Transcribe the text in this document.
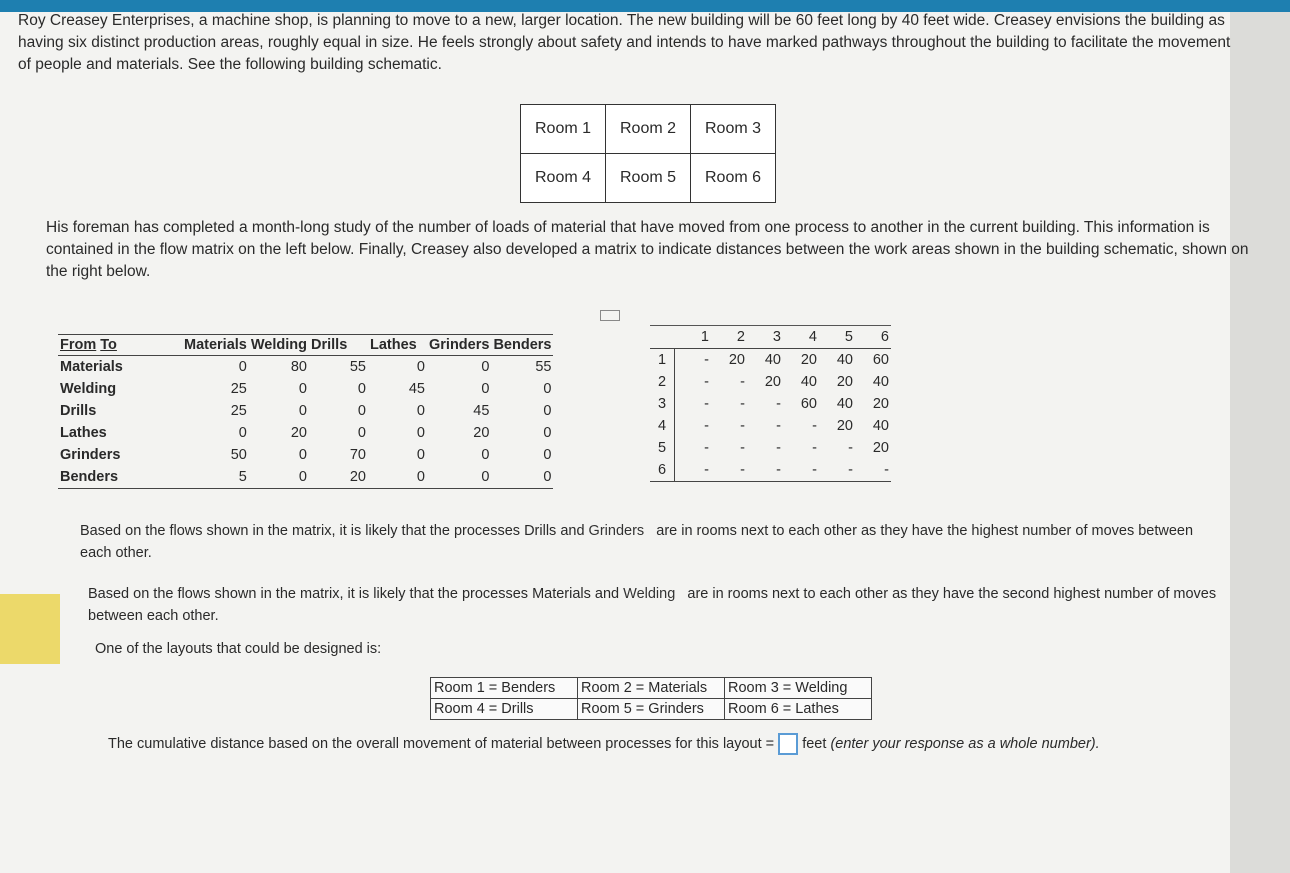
Roy Creasey Enterprises, a machine shop, is planning to move to a new, larger location. The new building will be 60 feet long by 40 feet wide. Creasey envisions the building as having six distinct production areas, roughly equal in size. He feels strongly about safety and intends to have marked pathways throughout the building to facilitate the movement of people and materials. See the following building schematic.

Room 1	Room 2	Room 3
Room 4	Room 5	Room 6

His foreman has completed a month-long study of the number of loads of material that have moved from one process to another in the current building. This information is contained in the flow matrix on the left below. Finally, Creasey also developed a matrix to indicate distances between the work areas shown in the building schematic, shown on the right below.

From To	Materials	Welding	Drills	Lathes	Grinders	Benders
Materials	0	80	55	0	0	55
Welding	25	0	0	45	0	0
Drills	25	0	0	0	45	0
Lathes	0	20	0	0	20	0
Grinders	50	0	70	0	0	0
Benders	5	0	20	0	0	0
	1	2	3	4	5	6
1	-	20	40	20	40	60
2	-	-	20	40	20	40
3	-	-	-	60	40	20
4	-	-	-	-	20	40
5	-	-	-	-	-	20
6	-	-	-	-	-	-

Based on the flows shown in the matrix, it is likely that the processes Drills and Grinders are in rooms next to each other as they have the highest number of moves between each other.

Based on the flows shown in the matrix, it is likely that the processes Materials and Welding are in rooms next to each other as they have the second highest number of moves between each other.

One of the layouts that could be designed is:

Room 1 = Benders	Room 2 = Materials	Room 3 = Welding
Room 4 = Drills	Room 5 = Grinders	Room 6 = Lathes

The cumulative distance based on the overall movement of material between processes for this layout = feet (enter your response as a whole number).
